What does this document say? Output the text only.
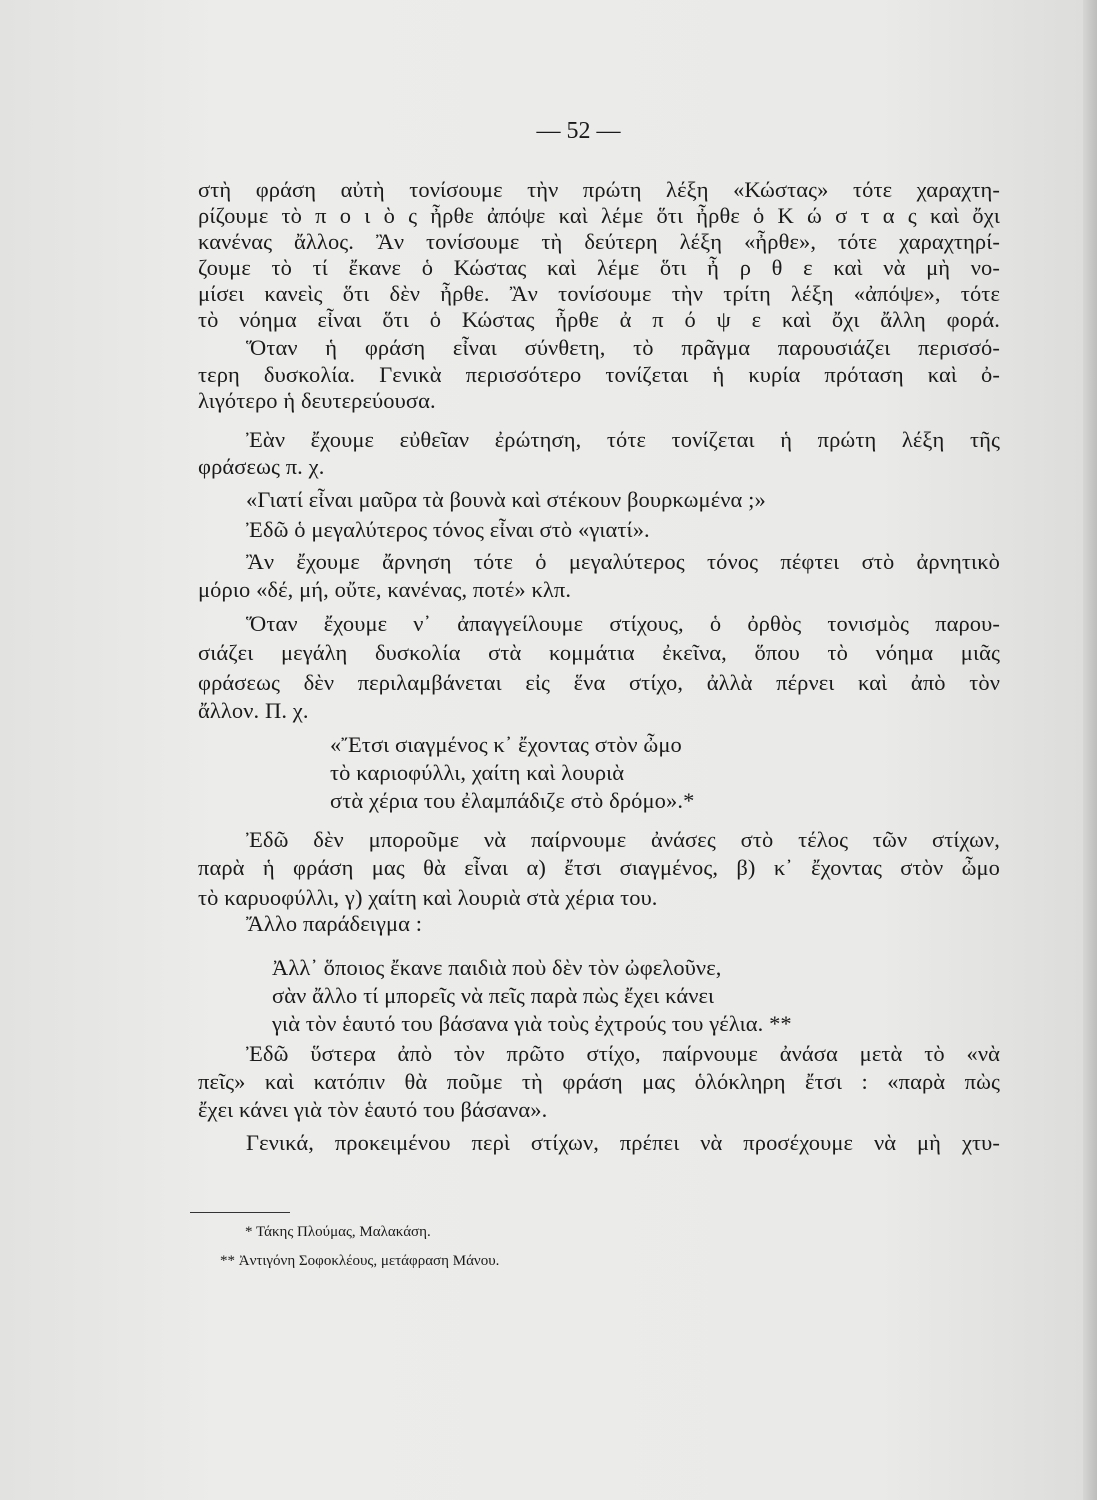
— 52 —
στὴ φράση αὐτὴ τονίσουμε τὴν πρώτη λέξη «Κώστας» τότε χαραχτη-
ρίζουμε τὸ π ο ι ὸ ς ἦρθε ἀπόψε καὶ λέμε ὅτι ἦρθε ὁ Κ ώ σ τ α ς καὶ ὄχι
κανένας ἄλλος. Ἂν τονίσουμε τὴ δεύτερη λέξη «ἦρθε», τότε χαραχτηρί-
ζουμε τὸ τί ἔκανε ὁ Κώστας καὶ λέμε ὅτι ἦ ρ θ ε καὶ νὰ μὴ νο-
μίσει κανεὶς ὅτι δὲν ἦρθε. Ἂν τονίσουμε τὴν τρίτη λέξη «ἀπόψε», τότε
τὸ νόημα εἶναι ὅτι ὁ Κώστας ἦρθε ἀ π ό ψ ε καὶ ὄχι ἄλλη φορά.
Ὅταν ἡ φράση εἶναι σύνθετη, τὸ πρᾶγμα παρουσιάζει περισσό-
τερη δυσκολία. Γενικὰ περισσότερο τονίζεται ἡ κυρία πρόταση καὶ ὀ-
λιγότερο ἡ δευτερεύουσα.
Ἐὰν ἔχουμε εὐθεῖαν ἐρώτηση, τότε τονίζεται ἡ πρώτη λέξη τῆς
φράσεως π. χ.
«Γιατί εἶναι μαῦρα τὰ βουνὰ καὶ στέκουν βουρκωμένα ;»
Ἐδῶ ὁ μεγαλύτερος τόνος εἶναι στὸ «γιατί».
Ἂν ἔχουμε ἄρνηση τότε ὁ μεγαλύτερος τόνος πέφτει στὸ ἀρνητικὸ
μόριο «δέ, μή, οὔτε, κανένας, ποτέ» κλπ.
Ὅταν ἔχουμε ν᾿ ἀπαγγείλουμε στίχους, ὁ ὀρθὸς τονισμὸς παρου-
σιάζει μεγάλη δυσκολία στὰ κομμάτια ἐκεῖνα, ὅπου τὸ νόημα μιᾶς
φράσεως δὲν περιλαμβάνεται εἰς ἕνα στίχο, ἀλλὰ πέρνει καὶ ἀπὸ τὸν
ἄλλον. Π. χ.
«Ἔτσι σιαγμένος κ᾿ ἔχοντας στὸν ὦμο
τὸ καριοφύλλι, χαίτη καὶ λουριὰ
στὰ χέρια του ἐλαμπάδιζε στὸ δρόμο».*
Ἐδῶ δὲν μποροῦμε νὰ παίρνουμε ἀνάσες στὸ τέλος τῶν στίχων,
παρὰ ἡ φράση μας θὰ εἶναι α) ἔτσι σιαγμένος, β) κ᾿ ἔχοντας στὸν ὦμο
τὸ καρυοφύλλι, γ) χαίτη καὶ λουριὰ στὰ χέρια του.
Ἄλλο παράδειγμα :
Ἀλλ᾿ ὅποιος ἔκανε παιδιὰ ποὺ δὲν τὸν ὠφελοῦνε,
σὰν ἄλλο τί μπορεῖς νὰ πεῖς παρὰ πὼς ἔχει κάνει
γιὰ τὸν ἑαυτό του βάσανα γιὰ τοὺς ἐχτρούς του γέλια. **
Ἐδῶ ὕστερα ἀπὸ τὸν πρῶτο στίχο, παίρνουμε ἀνάσα μετὰ τὸ «νὰ
πεῖς» καὶ κατόπιν θὰ ποῦμε τὴ φράση μας ὁλόκληρη ἔτσι : «παρὰ πὼς
ἔχει κάνει γιὰ τὸν ἑαυτό του βάσανα».
Γενικά, προκειμένου περὶ στίχων, πρέπει νὰ προσέχουμε νὰ μὴ χτυ-
* Τάκης Πλούμας, Μαλακάση.
** Ἀντιγόνη Σοφοκλέους, μετάφραση Μάνου.
